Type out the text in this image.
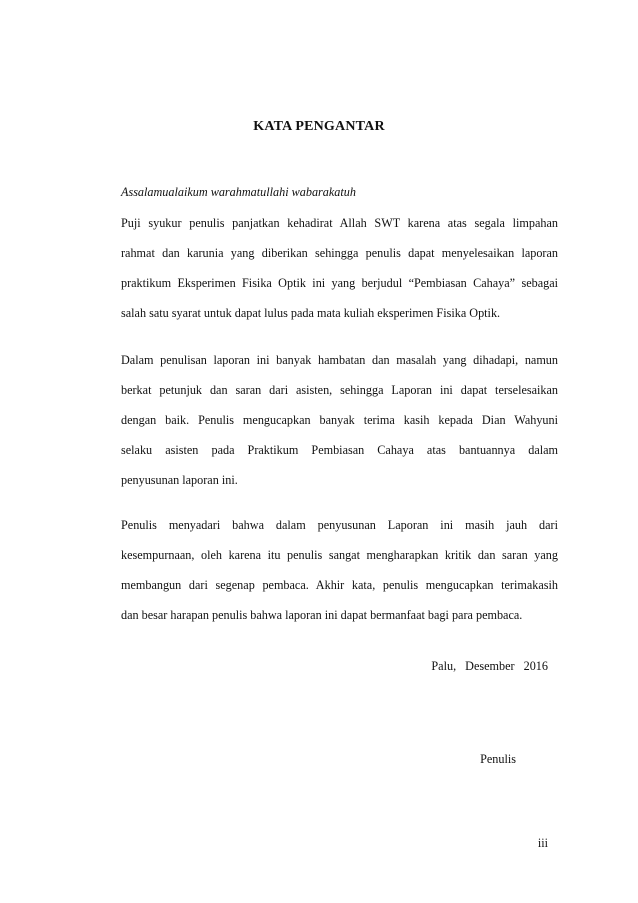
KATA PENGANTAR
Assalamualaikum warahmatullahi wabarakatuh
Puji syukur penulis panjatkan kehadirat Allah SWT karena atas segala limpahan
rahmat dan karunia yang diberikan sehingga penulis dapat menyelesaikan laporan
praktikum Eksperimen Fisika Optik ini yang berjudul “Pembiasan Cahaya” sebagai
salah satu syarat untuk dapat lulus pada mata kuliah eksperimen Fisika Optik.
Dalam penulisan laporan ini banyak hambatan dan masalah yang dihadapi, namun
berkat petunjuk dan saran dari asisten, sehingga Laporan ini dapat terselesaikan
dengan baik. Penulis mengucapkan banyak terima kasih kepada Dian Wahyuni
selaku asisten pada Praktikum Pembiasan Cahaya atas bantuannya dalam
penyusunan laporan ini.
Penulis menyadari bahwa dalam penyusunan Laporan ini masih jauh dari
kesempurnaan, oleh karena itu penulis sangat mengharapkan kritik dan saran yang
membangun dari segenap pembaca. Akhir kata, penulis mengucapkan terimakasih
dan besar harapan penulis bahwa laporan ini dapat bermanfaat bagi para pembaca.
Palu, Desember 2016
Penulis
iii
